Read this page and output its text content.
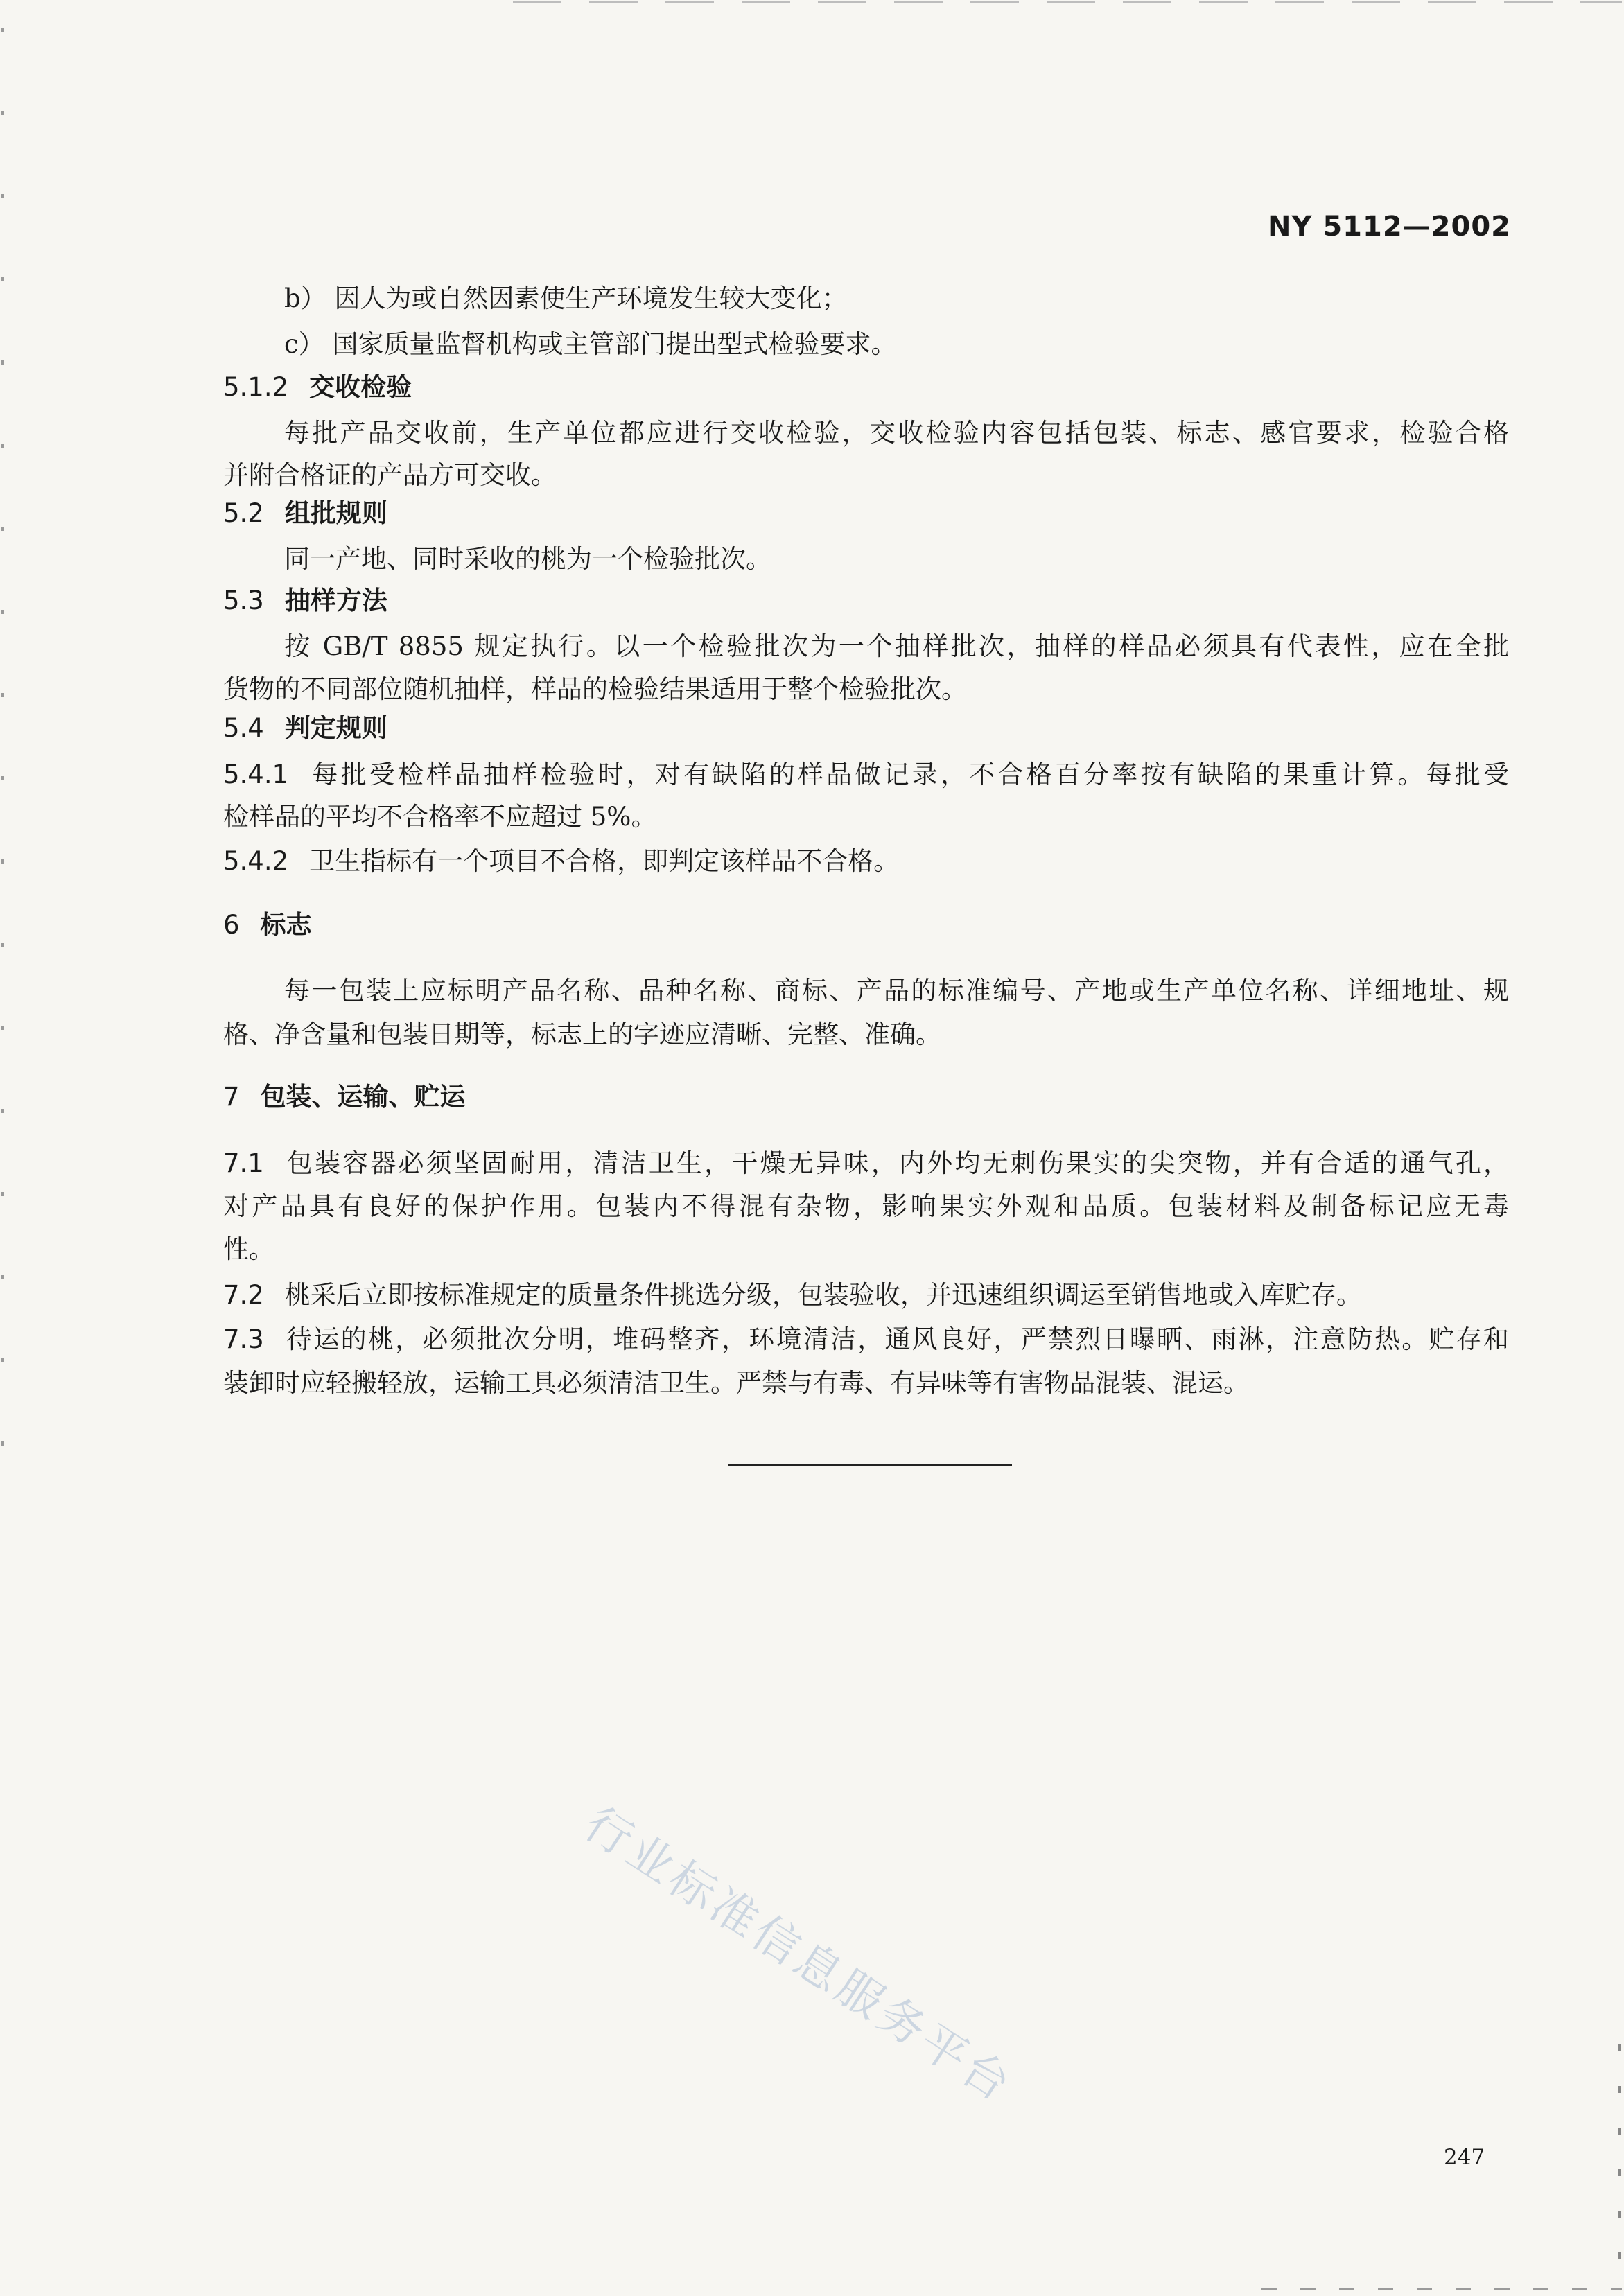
NY 5112—2002
b） 因人为或自然因素使生产环境发生较大变化；
c） 国家质量监督机构或主管部门提出型式检验要求。
5.1.2 交收检验
每批产品交收前，生产单位都应进行交收检验，交收检验内容包括包装、标志、感官要求，检验合格
并附合格证的产品方可交收。
5.2 组批规则
同一产地、同时采收的桃为一个检验批次。
5.3 抽样方法
按 GB/T 8855 规定执行。以一个检验批次为一个抽样批次，抽样的样品必须具有代表性，应在全批
货物的不同部位随机抽样，样品的检验结果适用于整个检验批次。
5.4 判定规则
5.4.1 每批受检样品抽样检验时，对有缺陷的样品做记录，不合格百分率按有缺陷的果重计算。每批受
检样品的平均不合格率不应超过 5%。
5.4.2 卫生指标有一个项目不合格，即判定该样品不合格。
6 标志
每一包装上应标明产品名称、品种名称、商标、产品的标准编号、产地或生产单位名称、详细地址、规
格、净含量和包装日期等，标志上的字迹应清晰、完整、准确。
7 包装、运输、贮运
7.1 包装容器必须坚固耐用，清洁卫生，干燥无异味，内外均无刺伤果实的尖突物，并有合适的通气孔，
对产品具有良好的保护作用。包装内不得混有杂物，影响果实外观和品质。包装材料及制备标记应无毒
性。
7.2 桃采后立即按标准规定的质量条件挑选分级，包装验收，并迅速组织调运至销售地或入库贮存。
7.3 待运的桃，必须批次分明，堆码整齐，环境清洁，通风良好，严禁烈日曝晒、雨淋，注意防热。贮存和
装卸时应轻搬轻放，运输工具必须清洁卫生。严禁与有毒、有异味等有害物品混装、混运。
行业标准信息服务平台
247
